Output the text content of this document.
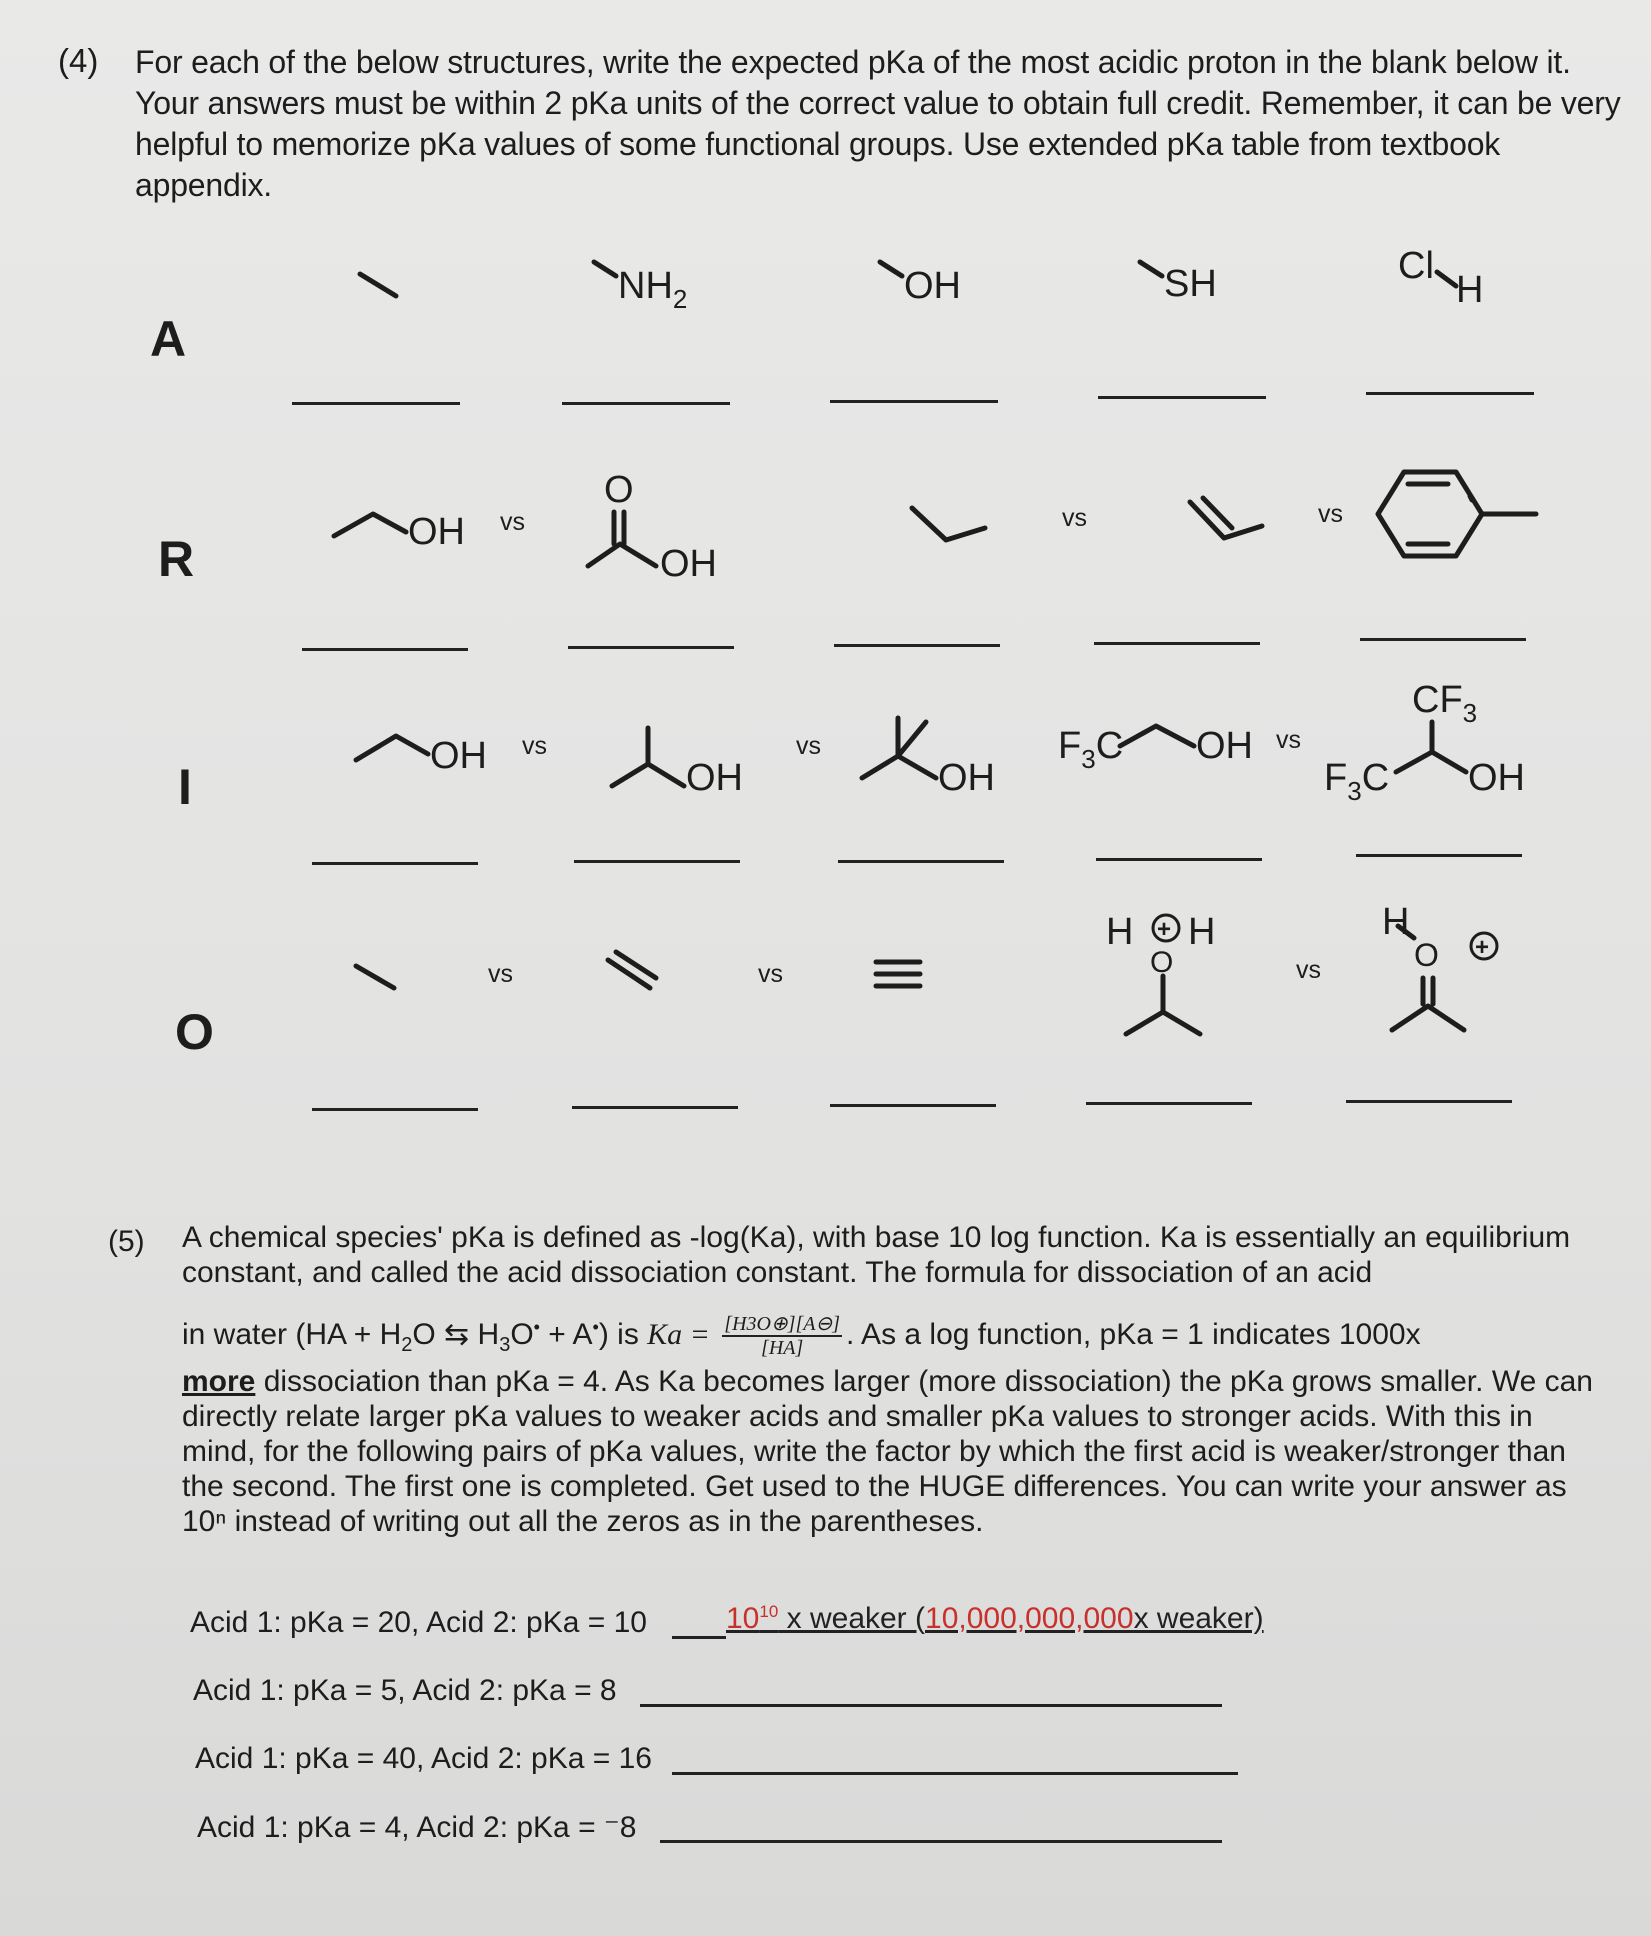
(4) For each of the below structures, write the expected pKa of the most acidic proton in the blank below it. Your answers must be within 2 pKa units of the correct value to obtain full credit. Remember, it can be very helpful to memorize pKa values of some functional groups. Use extended pKa table from textbook appendix.
A
R
I
O
$NH_2$	OH	SH	Cl
H
OH
O
OH
OH
OH	OH
$F_3C$ OH
$CF_3$
$F_3C$ OH
H H
O
H
O
+
+
vs	vs	vs
vs	vs	vs
vs	vs	vs
(5) A chemical species' pKa is defined as -log(Ka), with base 10 log function. Ka is essentially an equilibrium constant, and called the acid dissociation constant. The formula for dissociation of an acid
in water ($HA + H_2O$ ⇆ $H_3O^• + A^•$) is $Ka = \frac{[H3O\oplus][A⊖]}{[HA]}$ . As a log function, pKa = 1 indicates 1000x
more dissociation than pKa = 4. As Ka becomes larger (more dissociation) the pKa grows smaller. We can directly relate larger pKa values to weaker acids and smaller pKa values to stronger acids. With this in mind, for the following pairs of pKa values, write the factor by which the first acid is weaker/stronger than the second. The first one is completed. Get used to the HUGE differences. You can write your answer as 10ⁿ instead of writing out all the zeros as in the parentheses.
Acid 1: pKa = 20, Acid 2: pKa = 10	$10^{10}$ x weaker (10,000,000,000x weaker)
Acid 1: pKa = 5, Acid 2: pKa = 8
Acid 1: pKa = 40, Acid 2: pKa = 16
Acid 1: pKa = 4, Acid 2: pKa = ⁻8
